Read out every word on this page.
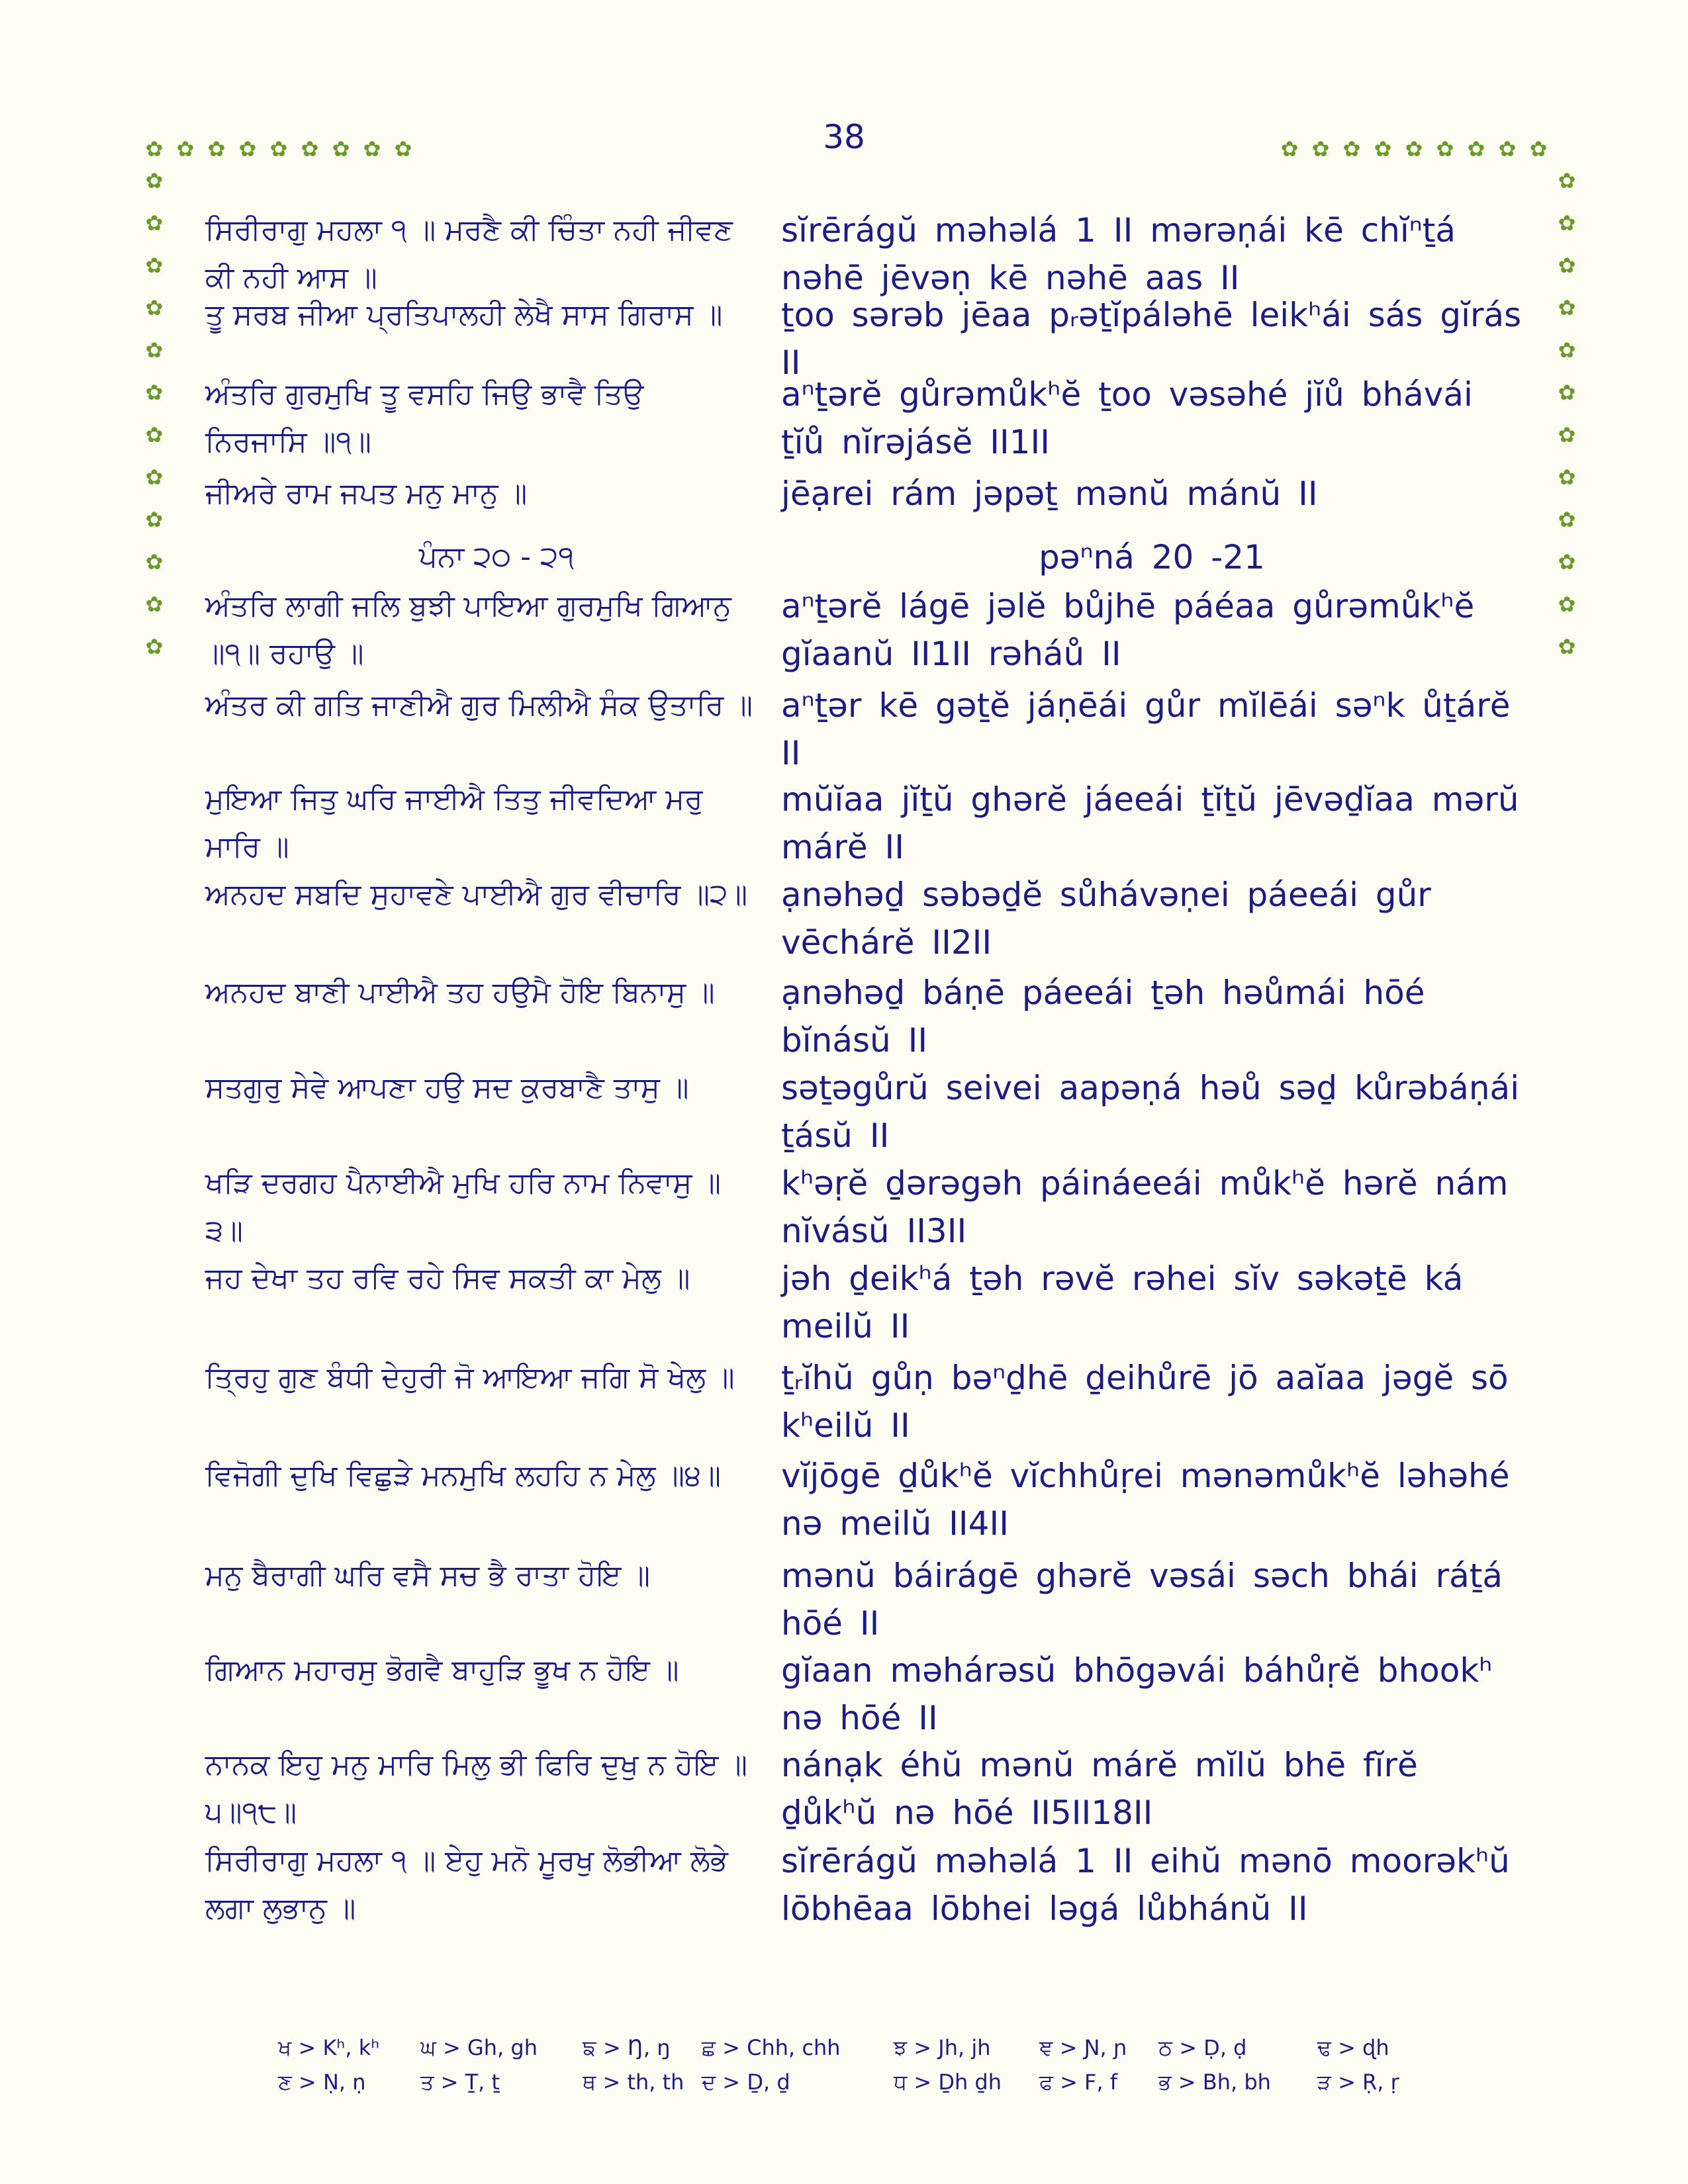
38
✿	✿
✿	✿
✿	✿
✿	✿
✿	✿
✿	✿
✿	✿
✿	✿
✿	✿
✿	✿
✿	✿
✿	✿
✿	✿
✿	✿
✿	✿
✿	✿
✿	✿
✿	✿
✿	✿
✿	✿
✿	✿
ਸਿਰੀਰਾਗੁ ਮਹਲਾ ੧ ॥ ਮਰਣੈ ਕੀ ਚਿੰਤਾ ਨਹੀ ਜੀਵਣ ਕੀ ਨਹੀ ਆਸ ॥
sĭrērágŭ məhəlá 1 II mərəṇái kē chĭⁿṯá nəhē jēvəṇ kē nəhē aas II
ਤੂ ਸਰਬ ਜੀਆ ਪ੍ਰਤਿਪਾਲਹੀ ਲੇਖੈ ਸਾਸ ਗਿਰਾਸ ॥	ṯoo sərəb jēaa pᵣəṯĭpáləhē leikʰái sás gĭrás II
ਅੰਤਰਿ ਗੁਰਮੁਖਿ ਤੂ ਵਸਹਿ ਜਿਉ ਭਾਵੈ ਤਿਉ ਨਿਰਜਾਸਿ ॥੧॥
aⁿṯərĕ gůrəmůkʰĕ ṯoo vəsəhé jĭů bhávái ṯĭů nĭrəjásĕ II1II
ਜੀਅਰੇ ਰਾਮ ਜਪਤ ਮਨੁ ਮਾਨੁ ॥	jēạrei rám jəpəṯ mənŭ mánŭ II
ਪੰਨਾ ੨੦ - ੨੧	pəⁿná 20 -21
ਅੰਤਰਿ ਲਾਗੀ ਜਲਿ ਬੁਝੀ ਪਾਇਆ ਗੁਰਮੁਖਿ ਗਿਆਨੁ ॥੧॥ ਰਹਾਉ ॥
aⁿṯərĕ lágē jəlĕ bůjhē páéaa gůrəmůkʰĕ gĭaanŭ II1II rəháů II
ਅੰਤਰ ਕੀ ਗਤਿ ਜਾਣੀਐ ਗੁਰ ਮਿਲੀਐ ਸੰਕ ਉਤਾਰਿ ॥ aⁿṯər kē gəṯĕ jáṇēái gůr mĭlēái səⁿk ůṯárĕ II
ਮੁਇਆ ਜਿਤੁ ਘਰਿ ਜਾਈਐ ਤਿਤੁ ਜੀਵਦਿਆ ਮਰੁ ਮਾਰਿ ॥
mŭĭaa jĭṯŭ ghərĕ jáeeái ṯĭṯŭ jēvəḏĭaa mərŭ márĕ II
ਅਨਹਦ ਸਬਦਿ ਸੁਹਾਵਣੇ ਪਾਈਐ ਗੁਰ ਵੀਚਾਰਿ ॥੨॥ ạnəhəḏ səbəḏĕ sůhávəṇei páeeái gůr vēchárĕ II2II
ਅਨਹਦ ਬਾਣੀ ਪਾਈਐ ਤਹ ਹਉਮੈ ਹੋਇ ਬਿਨਾਸੁ ॥	ạnəhəḏ báṇē páeeái ṯəh həůmái hōé bĭnásŭ II
ਸਤਗੁਰੁ ਸੇਵੇ ਆਪਣਾ ਹਉ ਸਦ ਕੁਰਬਾਣੈ ਤਾਸੁ ॥	səṯəgůrŭ seivei aapəṇá həů səḏ kůrəbáṇái ṯásŭ II
ਖੜਿ ਦਰਗਹ ਪੈਨਾਈਐ ਮੁਖਿ ਹਰਿ ਨਾਮ ਨਿਵਾਸੁ ॥੩॥
kʰəṛĕ ḏərəgəh páináeeái můkʰĕ hərĕ nám nĭvásŭ II3II
ਜਹ ਦੇਖਾ ਤਹ ਰਵਿ ਰਹੇ ਸਿਵ ਸਕਤੀ ਕਾ ਮੇਲੁ ॥	jəh ḏeikʰá ṯəh rəvĕ rəhei sĭv səkəṯē ká meilŭ II
ਤ੍ਰਿਹੁ ਗੁਣ ਬੰਧੀ ਦੇਹੁਰੀ ਜੋ ਆਇਆ ਜਗਿ ਸੋ ਖੇਲੁ ॥	ṯᵣĭhŭ gůṇ bəⁿḏhē ḏeihůrē jō aaĭaa jəgĕ sō kʰeilŭ II
ਵਿਜੋਗੀ ਦੁਖਿ ਵਿਛੁੜੇ ਮਨਮੁਖਿ ਲਹਹਿ ਨ ਮੇਲੁ ॥੪॥	vĭjōgē ḏůkʰĕ vĭchhůṛei mənəmůkʰĕ ləhəhé nə meilŭ II4II
ਮਨੁ ਬੈਰਾਗੀ ਘਰਿ ਵਸੈ ਸਚ ਭੈ ਰਾਤਾ ਹੋਇ ॥	mənŭ báirágē ghərĕ vəsái səch bhái ráṯá hōé II
ਗਿਆਨ ਮਹਾਰਸੁ ਭੋਗਵੈ ਬਾਹੁੜਿ ਭੂਖ ਨ ਹੋਇ ॥	gĭaan məhárəsŭ bhōgəvái báhůṛĕ bhookʰ nə hōé II
ਨਾਨਕ ਇਹੁ ਮਨੁ ਮਾਰਿ ਮਿਲੁ ਭੀ ਫਿਰਿ ਦੁਖੁ ਨ ਹੋਇ ॥੫॥੧੮॥
nánạk éhŭ mənŭ márĕ mĭlŭ bhē fĭrĕ ḏůkʰŭ nə hōé II5II18II
ਸਿਰੀਰਾਗੁ ਮਹਲਾ ੧ ॥ ਏਹੁ ਮਨੋ ਮੂਰਖੁ ਲੋਭੀਆ ਲੋਭੇ ਲਗਾ ਲੁਭਾਨੁ ॥
sĭrērágŭ məhəlá 1 II eihŭ mənō moorəkʰŭ lōbhēaa lōbhei ləgá lůbhánŭ II
ਖ > Kʰ, kʰ ਘ > Gh, gh ਙ > Ŋ, ŋ ਛ > Chh, chh	ਝ > Jh, jh ਞ > Ɲ, ɲ ਠ > Ḍ, ḍ	ਢ > ɖh
ਣ > Ṇ, ṇ	ਤ > Ṯ, ṯ	ਥ > th, th ਦ > Ḏ, ḏ	ਧ > Ḏh ḏh ਫ > F, f ਭ > Bh, bh ੜ > Ṛ, ṛ
